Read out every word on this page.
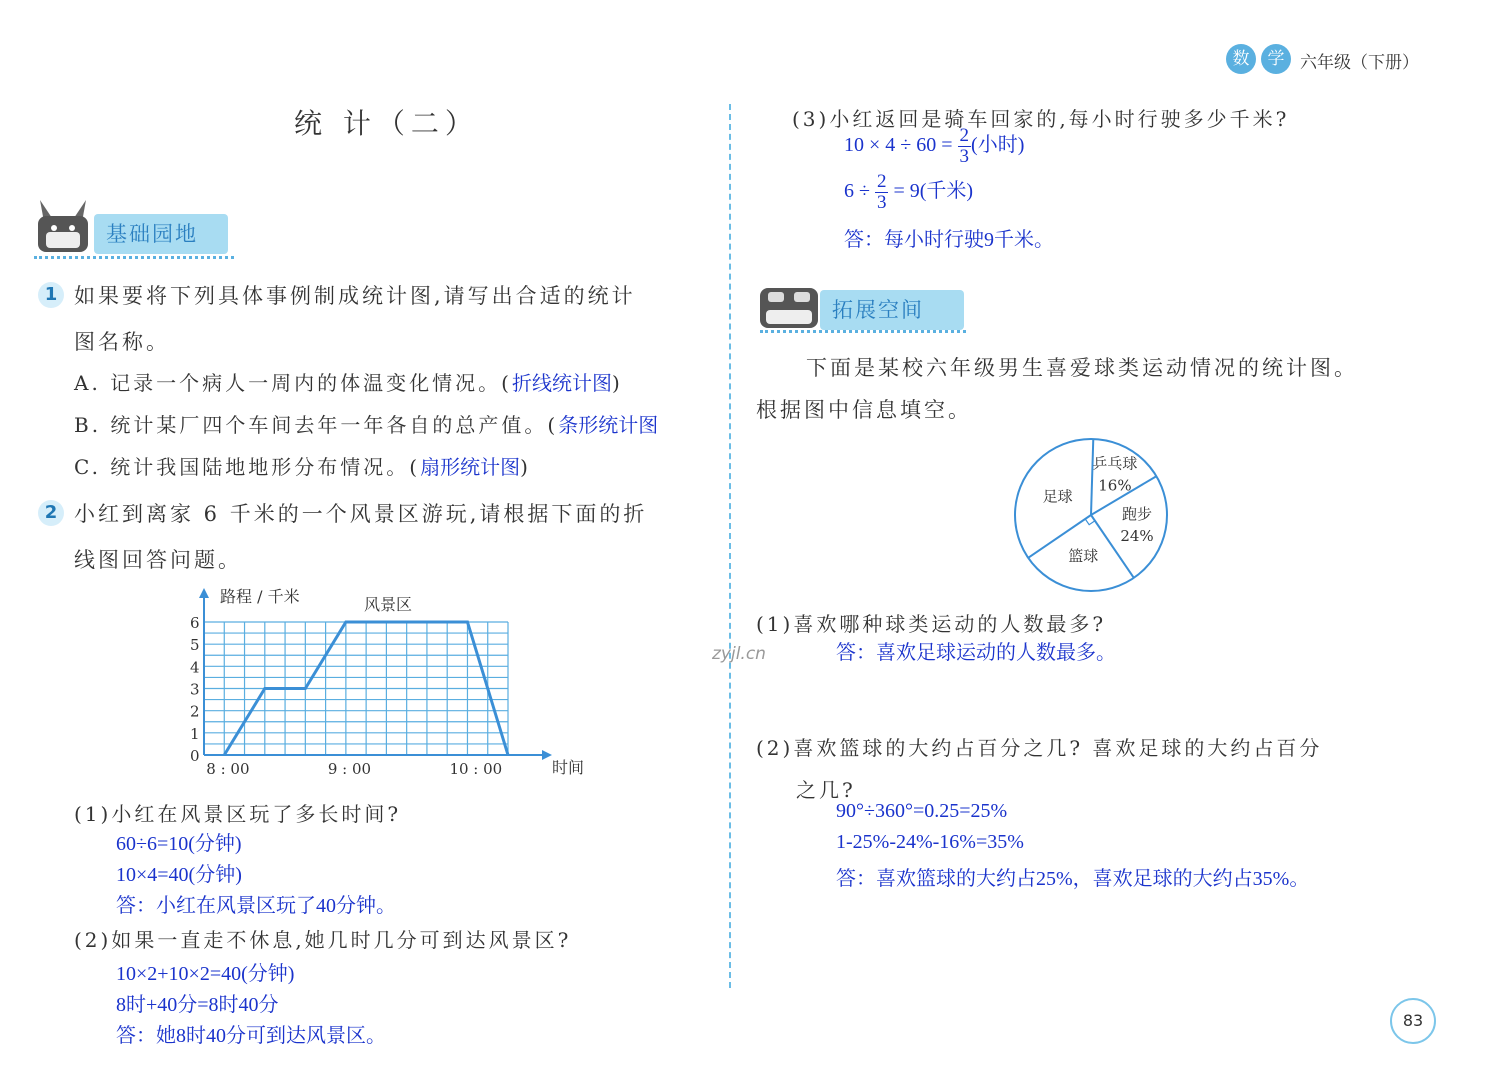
数	学 六年级（下册）
统 计（二）
基础园地
1 如果要将下列具体事例制成统计图,请写出合适的统计
图名称。
A. 记录一个病人一周内的体温变化情况。(折线统计图)
B. 统计某厂四个车间去年一年各自的总产值。(条形统计图
C. 统计我国陆地地形分布情况。(扇形统计图)
2 小红到离家 6 千米的一个风景区游玩,请根据下面的折
线图回答问题。
0
1
2
3
4
5
6
8 : 00	9 : 00	10 : 00
路程 / 千米	风景区
时间
(1)小红在风景区玩了多长时间?
60÷6=10(分钟)
10×4=40(分钟)
答：小红在风景区玩了40分钟。
(2)如果一直走不休息,她几时几分可到达风景区?
10×2+10×2=40(分钟)
8时+40分=8时40分
答：她8时40分可到达风景区。
(3)小红返回是骑车回家的,每小时行驶多少千米?
$10 \times 4 \div 60 = \frac{2}{3}$ (小时)
$6 \div \frac{2}{3} = 9$(千米)
答：每小时行驶9千米。
拓展空间
下面是某校六年级男生喜爱球类运动情况的统计图。
根据图中信息填空。
乒乓球
16%
跑步
24%
篮球
足球
(1)喜欢哪种球类运动的人数最多?
答：喜欢足球运动的人数最多。
zyjl.cn
(2)喜欢篮球的大约占百分之几? 喜欢足球的大约占百分
之几?
90°÷360°=0.25=25%
1-25%-24%-16%=35%
答：喜欢篮球的大约占25%，喜欢足球的大约占35%。
83
